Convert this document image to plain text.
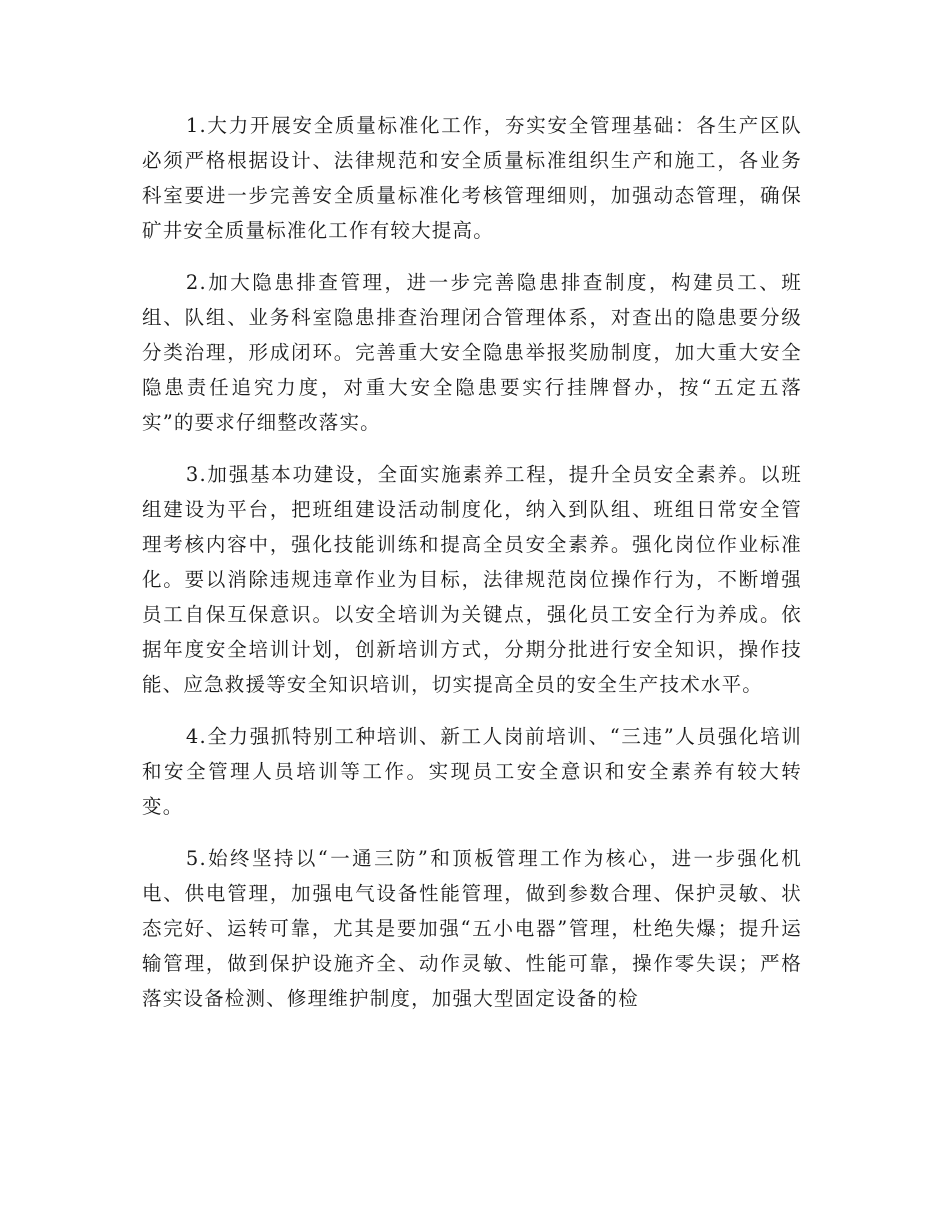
1.大力开展安全质量标准化工作，夯实安全管理基础：各生产区队必须严格根据设计、法律规范和安全质量标准组织生产和施工，各业务科室要进一步完善安全质量标准化考核管理细则，加强动态管理，确保矿井安全质量标准化工作有较大提高。

2.加大隐患排查管理，进一步完善隐患排查制度，构建员工、班组、队组、业务科室隐患排查治理闭合管理体系，对查出的隐患要分级分类治理，形成闭环。完善重大安全隐患举报奖励制度，加大重大安全隐患责任追究力度，对重大安全隐患要实行挂牌督办，按“五定五落实”的要求仔细整改落实。

3.加强基本功建设，全面实施素养工程，提升全员安全素养。以班组建设为平台，把班组建设活动制度化，纳入到队组、班组日常安全管理考核内容中，强化技能训练和提高全员安全素养。强化岗位作业标准化。要以消除违规违章作业为目标，法律规范岗位操作行为，不断增强员工自保互保意识。以安全培训为关键点，强化员工安全行为养成。依据年度安全培训计划，创新培训方式，分期分批进行安全知识，操作技能、应急救援等安全知识培训，切实提高全员的安全生产技术水平。

4.全力强抓特别工种培训、新工人岗前培训、“三违”人员强化培训和安全管理人员培训等工作。实现员工安全意识和安全素养有较大转变。

5.始终坚持以“一通三防”和顶板管理工作为核心，进一步强化机电、供电管理，加强电气设备性能管理，做到参数合理、保护灵敏、状态完好、运转可靠，尤其是要加强“五小电器”管理，杜绝失爆；提升运输管理，做到保护设施齐全、动作灵敏、性能可靠，操作零失误；严格落实设备检测、修理维护制度，加强大型固定设备的检
